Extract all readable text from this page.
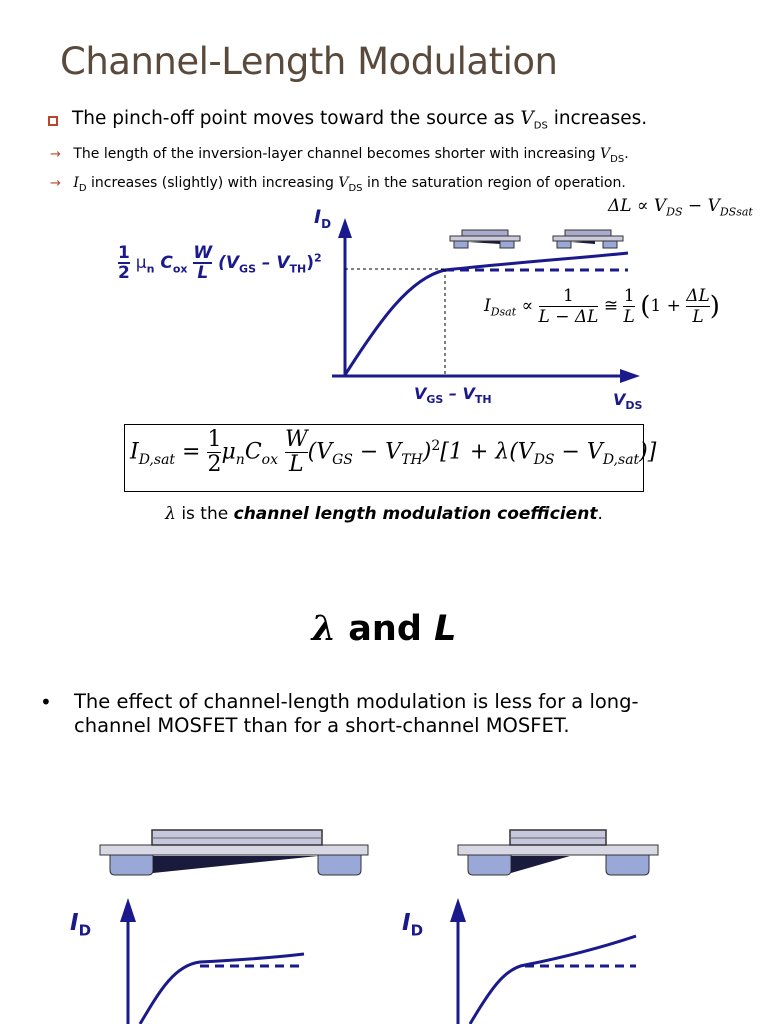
Channel-Length Modulation
The pinch-off point moves toward the source as $V_{DS}$ increases.
→ The length of the inversion-layer channel becomes shorter with increasing $V_{DS}$.
→ $I_D$ increases (slightly) with increasing $V_{DS}$ in the saturation region of operation.
$\Delta L \propto V_{DS} - V_{DSsat}$
$I_D$
$V_{DS}$
$V_{GS} - V_{TH}$
$\frac{1}{2} \mu_n$ $C_{ox} \frac{W}{L} (V_{GS} - V_{TH})^2$
$I_{Dsat} \propto \frac{1}{L - \Delta L}$ ≅ $\frac{1}{L} (1 + \frac{\Delta L}{L}$ )
$I_{D,sat} = \frac{1}{2} \mu_nC_{ox} \frac{W}{L} (V_{GS} - V_{TH})^2[1 + \lambda(V_{DS} - V_{D,sat})]$
λ is the channel length modulation coefficient.
λ and L
• The effect of channel-length modulation is less for a long-channel MOSFET than for a short-channel MOSFET.
$I_D$	$I_D$
